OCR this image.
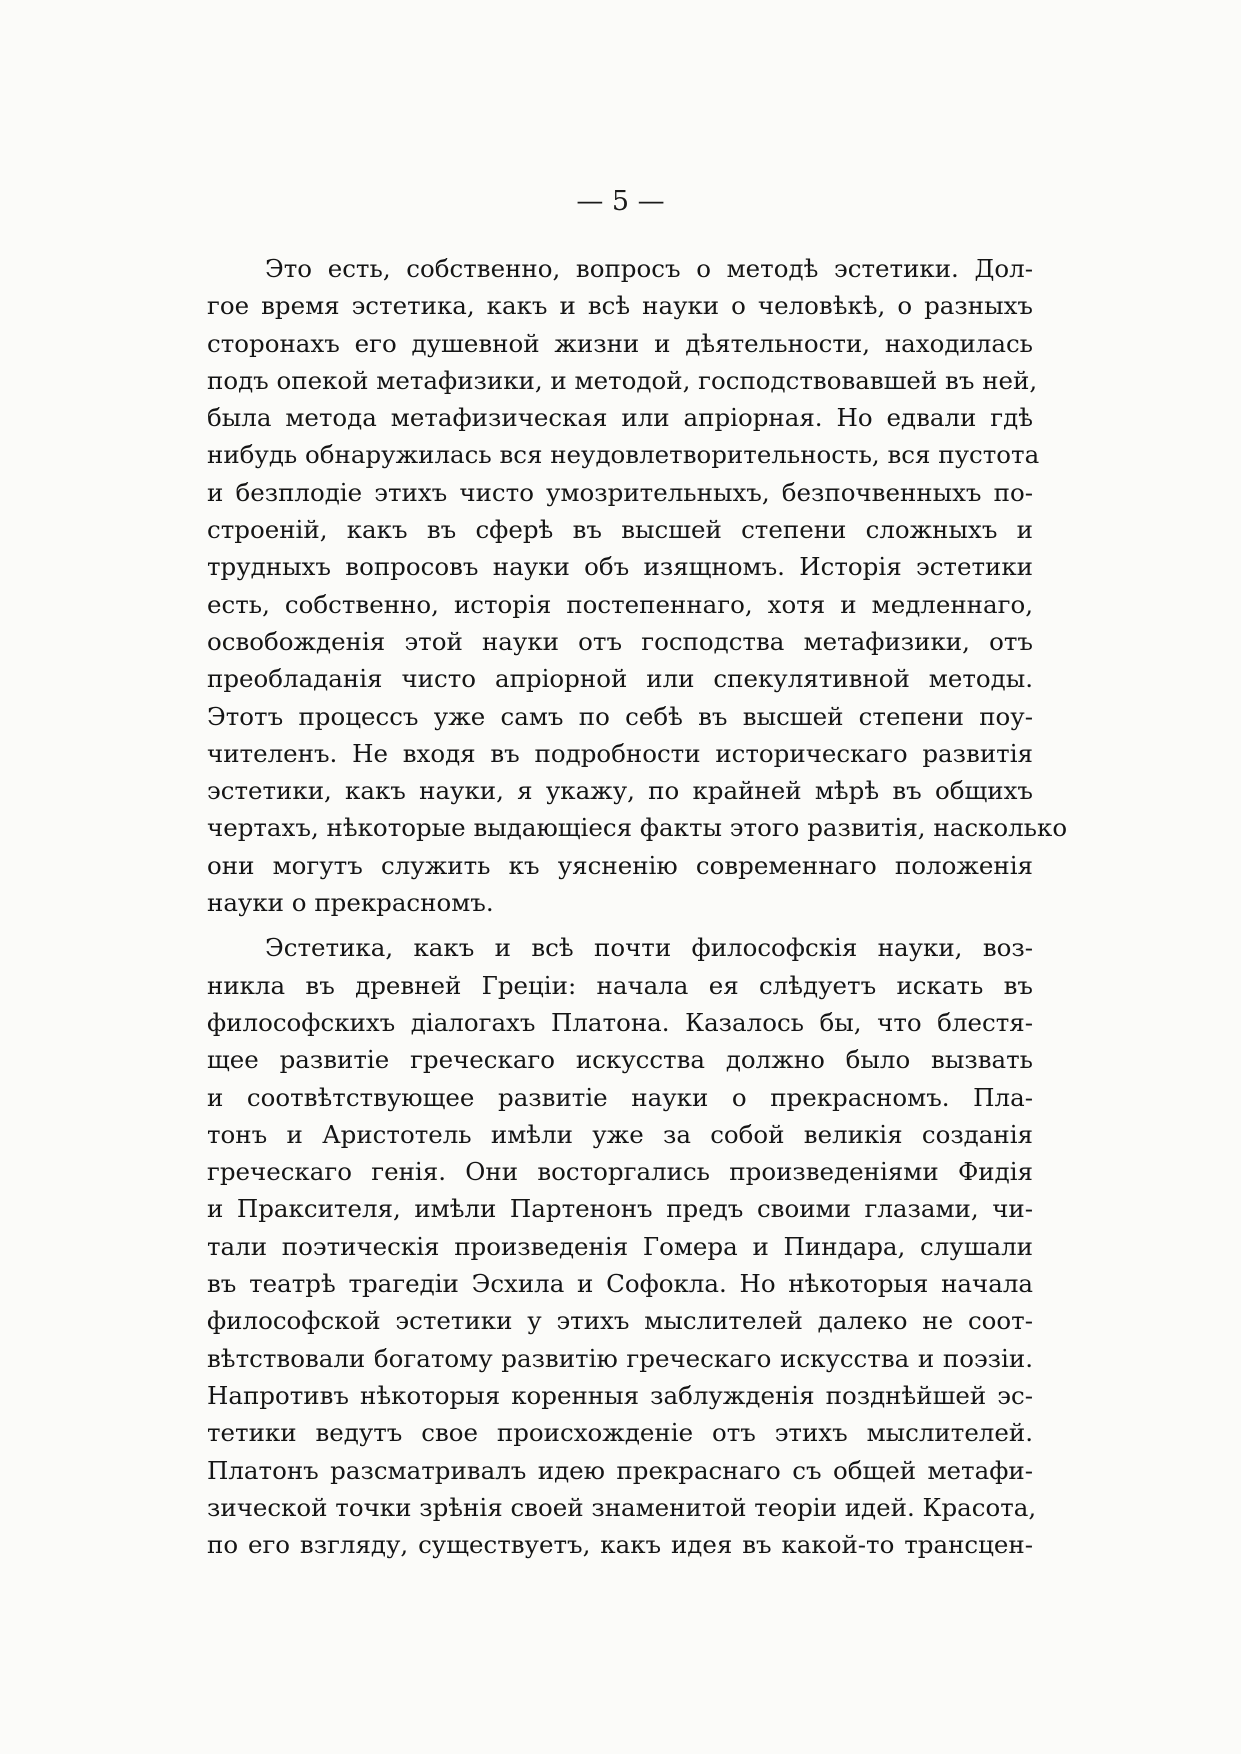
— 5 —
Это есть, собственно, вопросъ о методѣ эстетики. Дол-
гое время эстетика, какъ и всѣ науки о человѣкѣ, о разныхъ
сторонахъ его душевной жизни и дѣятельности, находилась
подъ опекой метафизики, и методой, господствовавшей въ ней,
была метода метафизическая или апріорная. Но едвали гдѣ
нибудь обнаружилась вся неудовлетворительность, вся пустота
и безплодіе этихъ чисто умозрительныхъ, безпочвенныхъ по-
строеній, какъ въ сферѣ въ высшей степени сложныхъ и
трудныхъ вопросовъ науки объ изящномъ. Исторія эстетики
есть, собственно, исторія постепеннаго, хотя и медленнаго,
освобожденія этой науки отъ господства метафизики, отъ
преобладанія чисто апріорной или спекулятивной методы.
Этотъ процессъ уже самъ по себѣ въ высшей степени поу-
чителенъ. Не входя въ подробности историческаго развитія
эстетики, какъ науки, я укажу, по крайней мѣрѣ въ общихъ
чертахъ, нѣкоторые выдающіеся факты этого развитія, насколько
они могутъ служить къ уясненію современнаго положенія
науки о прекрасномъ.
Эстетика, какъ и всѣ почти философскія науки, воз-
никла въ древней Греціи: начала ея слѣдуетъ искать въ
философскихъ діалогахъ Платона. Казалось бы, что блестя-
щее развитіе греческаго искусства должно было вызвать
и соотвѣтствующее развитіе науки о прекрасномъ. Пла-
тонъ и Аристотель имѣли уже за собой великія созданія
греческаго генія. Они восторгались произведеніями Фидія
и Праксителя, имѣли Партенонъ предъ своими глазами, чи-
тали поэтическія произведенія Гомера и Пиндара, слушали
въ театрѣ трагедіи Эсхила и Софокла. Но нѣкоторыя начала
философской эстетики у этихъ мыслителей далеко не соот-
вѣтствовали богатому развитію греческаго искусства и поэзіи.
Напротивъ нѣкоторыя коренныя заблужденія позднѣйшей эс-
тетики ведутъ свое происхожденіе отъ этихъ мыслителей.
Платонъ разсматривалъ идею прекраснаго съ общей метафи-
зической точки зрѣнія своей знаменитой теоріи идей. Красота,
по его взгляду, существуетъ, какъ идея въ какой-то трансцен-
